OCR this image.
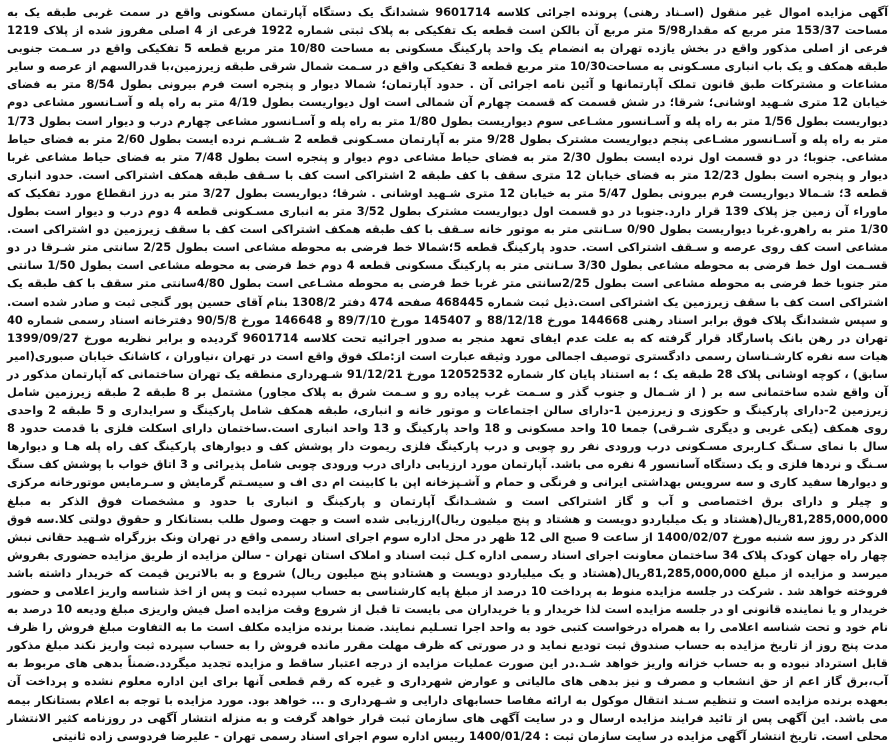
آگهی مزایده اموال غیر منقول (اسـناد رهنی) پرونده اجرائی کلاسه 9601714 ششدانگ یک دستگاه آپارتمان مسکونی واقع در سمت غربی طبقه یک به مساحت 153/37 متر مربع که مقدار5/98 متر مربع آن بالکن است قطعه یک تفکیکی به پلاک ثبتی شماره 1922 فرعی از 4 اصلی مفروز شده از پلاک 1219 فرعی از اصلی مذکور واقع در بخش یازده تهران به انضمام یک واحد پارکینگ مسکونی به مساحت 10/80 متر مربع قطعه 5 تفکیکی واقع در سـمت جنوبی طبقه همکف و یک باب انباری مسـکونی به مساحت10/30 متر مربع قطعه 3 تفکیکی واقع در سـمت شمال شرقی طبقه زیرزمین،با قدرالسهم از عرصه و سایر مشاعات و مشترکات طبق قانون تملک آپارتمانها و آئین نامه اجرائی آن . حدود آپارتمان؛ شمالا دیوار و پنجره است فرم بیرونی بطول 8/54 متر به فضای خیابان 12 متری شـهید اوشانی؛ شرقا؛ در شش قسمت که قسمت چهارم آن شمالی است اول دیواریست بطول 4/19 متر به راه پله و آسـانسور مشاعی دوم دیواریست بطول 1/56 متر به راه پله و آسـانسور مشـاعی سوم دیواریست بطول 1/80 متر به راه پله و آسـانسور مشاعی چهارم درب و دیوار است بطول 1/73 متر به راه پله و آسـانسور مشـاعی پنجم دیواریست مشترک بطول 9/28 متر به آپارتمان مسـکونی قطعه 2 شـشـم نرده ایست بطول 2/60 متر به فضای حیاط مشاعی. جنوبا؛ در دو قسمت اول نرده ایست بطول 2/30 متر به فضای حیاط مشاعی دوم دیوار و پنجره است بطول 7/48 متر به فضای حیاط مشاعی غربا دیوار و پنجره است بطول 12/23 متر به فضای خیابان 12 متری سقف با کف طبقه 2 اشتراکی است کف با سـقف طبقه همکف اشتراکی است. حدود انباری قطعه 3؛ شـمالا دیواریست فرم بیرونی بطول 5/47 متر به خیابان 12 متری شـهید اوشانی . شرقا؛ دیواریست بطول 3/27 متر به درز انقطاع مورد تفکیک که ماوراء آن زمین جز پلاک 139 قرار دارد.جنوبا در دو قسمت اول دیواریست مشترک بطول 3/52 متر به انباری مسـکونی قطعه 4 دوم درب و دیوار است بطول 1/30 متر به راهرو.غربا دیواریست بطول 0/90 سـانتی متر به موتور خانه سـقف با کف طبقه همکف اشتراکی است کف با سقف زیرزمین دو اشتراکی است. مشاعی است کف روی عرصه و سـقف اشتراکی است. حدود پارکینگ قطعه 5؛شمالا خط فرضی به محوطه مشاعی است بطول 2/25 سانتی متر شـرقا در دو قسـمت اول خط فرضی به محوطه مشاعی بطول 3/30 سـانتی متر به پارکینگ مسکونی قطعه 4 دوم خط فرضی به محوطه مشاعی است بطول 1/50 سانتی متر جنوبا خط فرضی به محوطه مشاعی است بطول 2/25سانتی متر غربا خط فرضی به محوطه مشـاعی است بطول 4/80سانتی متر سقف با کف طبقه یک اشتراکی است کف با سقف زیرزمین یک اشتراکی است.ذیل ثبت شماره 468445 صفحه 474 دفتر 1308/2 بنام آقای حسین پور گنجی ثبت و صادر شده است. و سپس ششدانگ پلاک فوق برابر اسناد رهنی 144668 مورخ 88/12/18 و 145407 مورخ 89/7/10 و 146648 مورخ 90/5/8 دفترخانه اسناد رسمی شماره 40 تهران در رهن بانک پاسارگاد قرار گرفته که به علت عدم ایفای تعهد منجر به صدور اجرائیه تحت کلاسه 9601714 گردیده و برابر نظریه مورخ 1399/09/27 هیات سه نفره کارشـناسان رسمی دادگستری توصیف اجمالی مورد وثیقه عبارت است از:ملک فوق واقع است در تهران ،نیاوران ، کاشانک خیابان صبوری(امیر سابق) ، کوچه اوشانی پلاک 28 طبقه یک ؛ به استناد پایان کار شماره 12052532 مورخ 91/12/21 شـهرداری منطقه یک تهران ساختمانی که آپارتمان مذکور در آن واقع شده ساختمانی سه بر ( از شـمال و جنوب گذر و سـمت غرب پیاده رو و سـمت شرق به پلاک مجاور) مشتمل بر 8 طبقه 2 طبقه زیرزمین شامل زیرزمین 2-دارای پارکینگ و حکوزی و زیرزمین 1-دارای سالن اجتماعات و موتور خانه و انباری، طبقه همکف شامل پارکینگ و سرایداری و 5 طبقه 2 واحدی روی همکف (یکی غربی و دیگری شـرقی) جمعا 10 واحد مسکونی و 18 واحد پارکینگ و 13 واحد انباری است.ساختمان دارای اسکلت فلزی با قدمت حدود 8 سال با نمای سـنگ کـاربری مسـکونی درب ورودی نفر رو چوبی و درب پارکینگ فلزی ریموت دار پوشش کف و دیوارهای پارکینگ کف راه پله هـا و دیوارها سـنگ و نردها فلزی و یک دستگاه آسانسور 4 نفره می باشد. آپارتمان مورد ارزیابی دارای درب ورودی چوبی شامل پذیرائی و 3 اتاق خواب با پوشش کف سنگ و دیوارها سفید کاری و سه سرویس بهداشتی ایرانی و فرنگی و حمام و آشـپزخانه اپن با کابینت ام دی اف و سیسـتم گرمایش و سـرمایس موتورخانه مرکزی و چیلر و دارای برق اختصاصی و آب و گاز اشتراکی است و ششـدانگ آپارتمان و پارکینگ و انباری با حدود و مشخصات فوق الذکر به مبلغ 81,285,000,000ریال(هشتاد و یک میلیاردو دویست و هشتاد و پنج میلیون ریال)ارزیابی شده است و جهت وصول طلب بستانکار و حقوق دولتی کلا.سه فوق الذکر در روز سه شنبه مورخ 1400/02/07 از ساعت 9 صبح الی 12 ظهر در محل اداره سوم اجرای اسناد رسمی واقع در تهران ونک بزرگراه شـهید حقانی نبش چهار راه جهان کودک پلاک 34 ساختمان معاونت اجرای اسناد رسمی اداره کـل ثبت اسناد و املاک استان تهران - سالن مزایده از طریق مزایده حضوری بفروش میرسد و مزایده از مبلغ 81,285,000,000ریال(هشتاد و یک میلیاردو دویست و هشتادو پنج میلیون ریال) شروع و به بالاترین قیمت که خریدار داشته باشد فروخته خواهد شد . شرکت در جلسه مزایده منوط به پرداخت 10 درصد از مبلغ پایه کارشناسی به حساب سپرده ثبت و پس از اخذ شناسه واریز اعلامی و حضور خریدار و یا نماینده قانونی او در جلسه مزایده است لذا خریدار و یا خریداران می بایست تا قبل از شروع وقت مزایده اصل فیش واریزی مبلغ ودیعه 10 درصد به نام خود و تحت شناسه اعلامی را به همراه درخواست کتبی خود به واحد اجرا تسـلیم نمایند. ضمنا برنده مزایده مکلف است ما به التفاوت مبلغ فروش را ظرف مدت پنج روز از تاریخ مزایده به حساب صندوق ثبت تودیع نماید و در صورتی که ظرف مهلت مقرر مانده فروش را به حساب سپرده ثبت واریز نکند مبلغ مذکور قابل استرداد نبوده و به حساب خزانه واریز خواهد شـد.در این صورت عملیات مزایده از درجه اعتبار ساقط و مزایده تجدید میگردد.ضمناً بدهی های مربوط به آب،برق گاز اعم از حق انشعاب و مصرف و نیز بدهی های مالیاتی و عوارض شهرداری و غیره که رقم قطعی آنها برای این اداره معلوم نشده و پرداخت آن بعهده برنده مزایده است و تنظیم سـند انتقال موکول به ارائه مفاصا حسابهای دارایی و شـهرداری و ... خواهد بود. مورد مزایده با توجه به اعلام بستانکار بیمه می باشد. این آگهی پس از تائید فرایند مزایده ارسال و در سایت آگهی های سازمان ثبت قرار خواهد گرفت و به منزله انتشار آگهی در روزنامه کثیر الانتشار محلی است. تاریخ انتشار آگهی مزایده در سایت سازمان ثبت : 1400/01/24 رییس اداره سوم اجرای اسناد رسمی تهران - علیرضا فردوسی زاده ثانیتی
